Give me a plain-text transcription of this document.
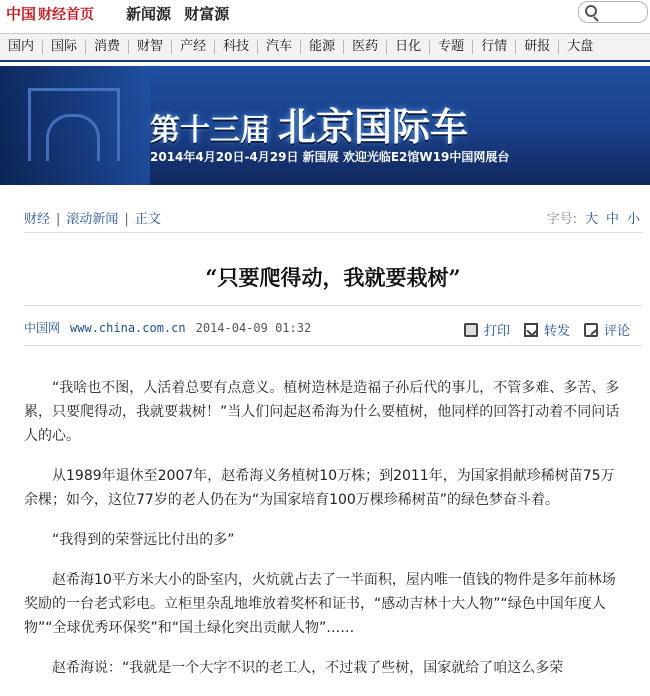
中国 财经首页 新闻源 财富源
国内	国际	消费	财智	产经	科技	汽车	能源	医药	日化	专题	行情	研报	大盘
第十三届 北京国际车
2014年4月20日-4月29日 新国展 欢迎光临E2馆W19中国网展台
财经 | 滚动新闻 | 正文	字号: 大 中 小
“只要爬得动，我就要栽树”
中国网 www.china.com.cn 2014-04-09 01:32	打印	转发	评论

“我啥也不图，人活着总要有点意义。植树造林是造福子孙后代的事儿，不管多难、多苦、多累，只要爬得动，我就要栽树！”当人们问起赵希海为什么要植树，他同样的回答打动着不同问话人的心。

从1989年退休至2007年，赵希海义务植树10万株；到2011年，为国家捐献珍稀树苗75万余棵；如今，这位77岁的老人仍在为“为国家培育100万棵珍稀树苗”的绿色梦奋斗着。

“我得到的荣誉远比付出的多”

赵希海10平方米大小的卧室内，火炕就占去了一半面积，屋内唯一值钱的物件是多年前林场奖励的一台老式彩电。立柜里杂乱地堆放着奖杯和证书，“感动吉林十大人物”“绿色中国年度人物”“全球优秀环保奖”和“国土绿化突出贡献人物”……

赵希海说：“我就是一个大字不识的老工人，不过栽了些树，国家就给了咱这么多荣
